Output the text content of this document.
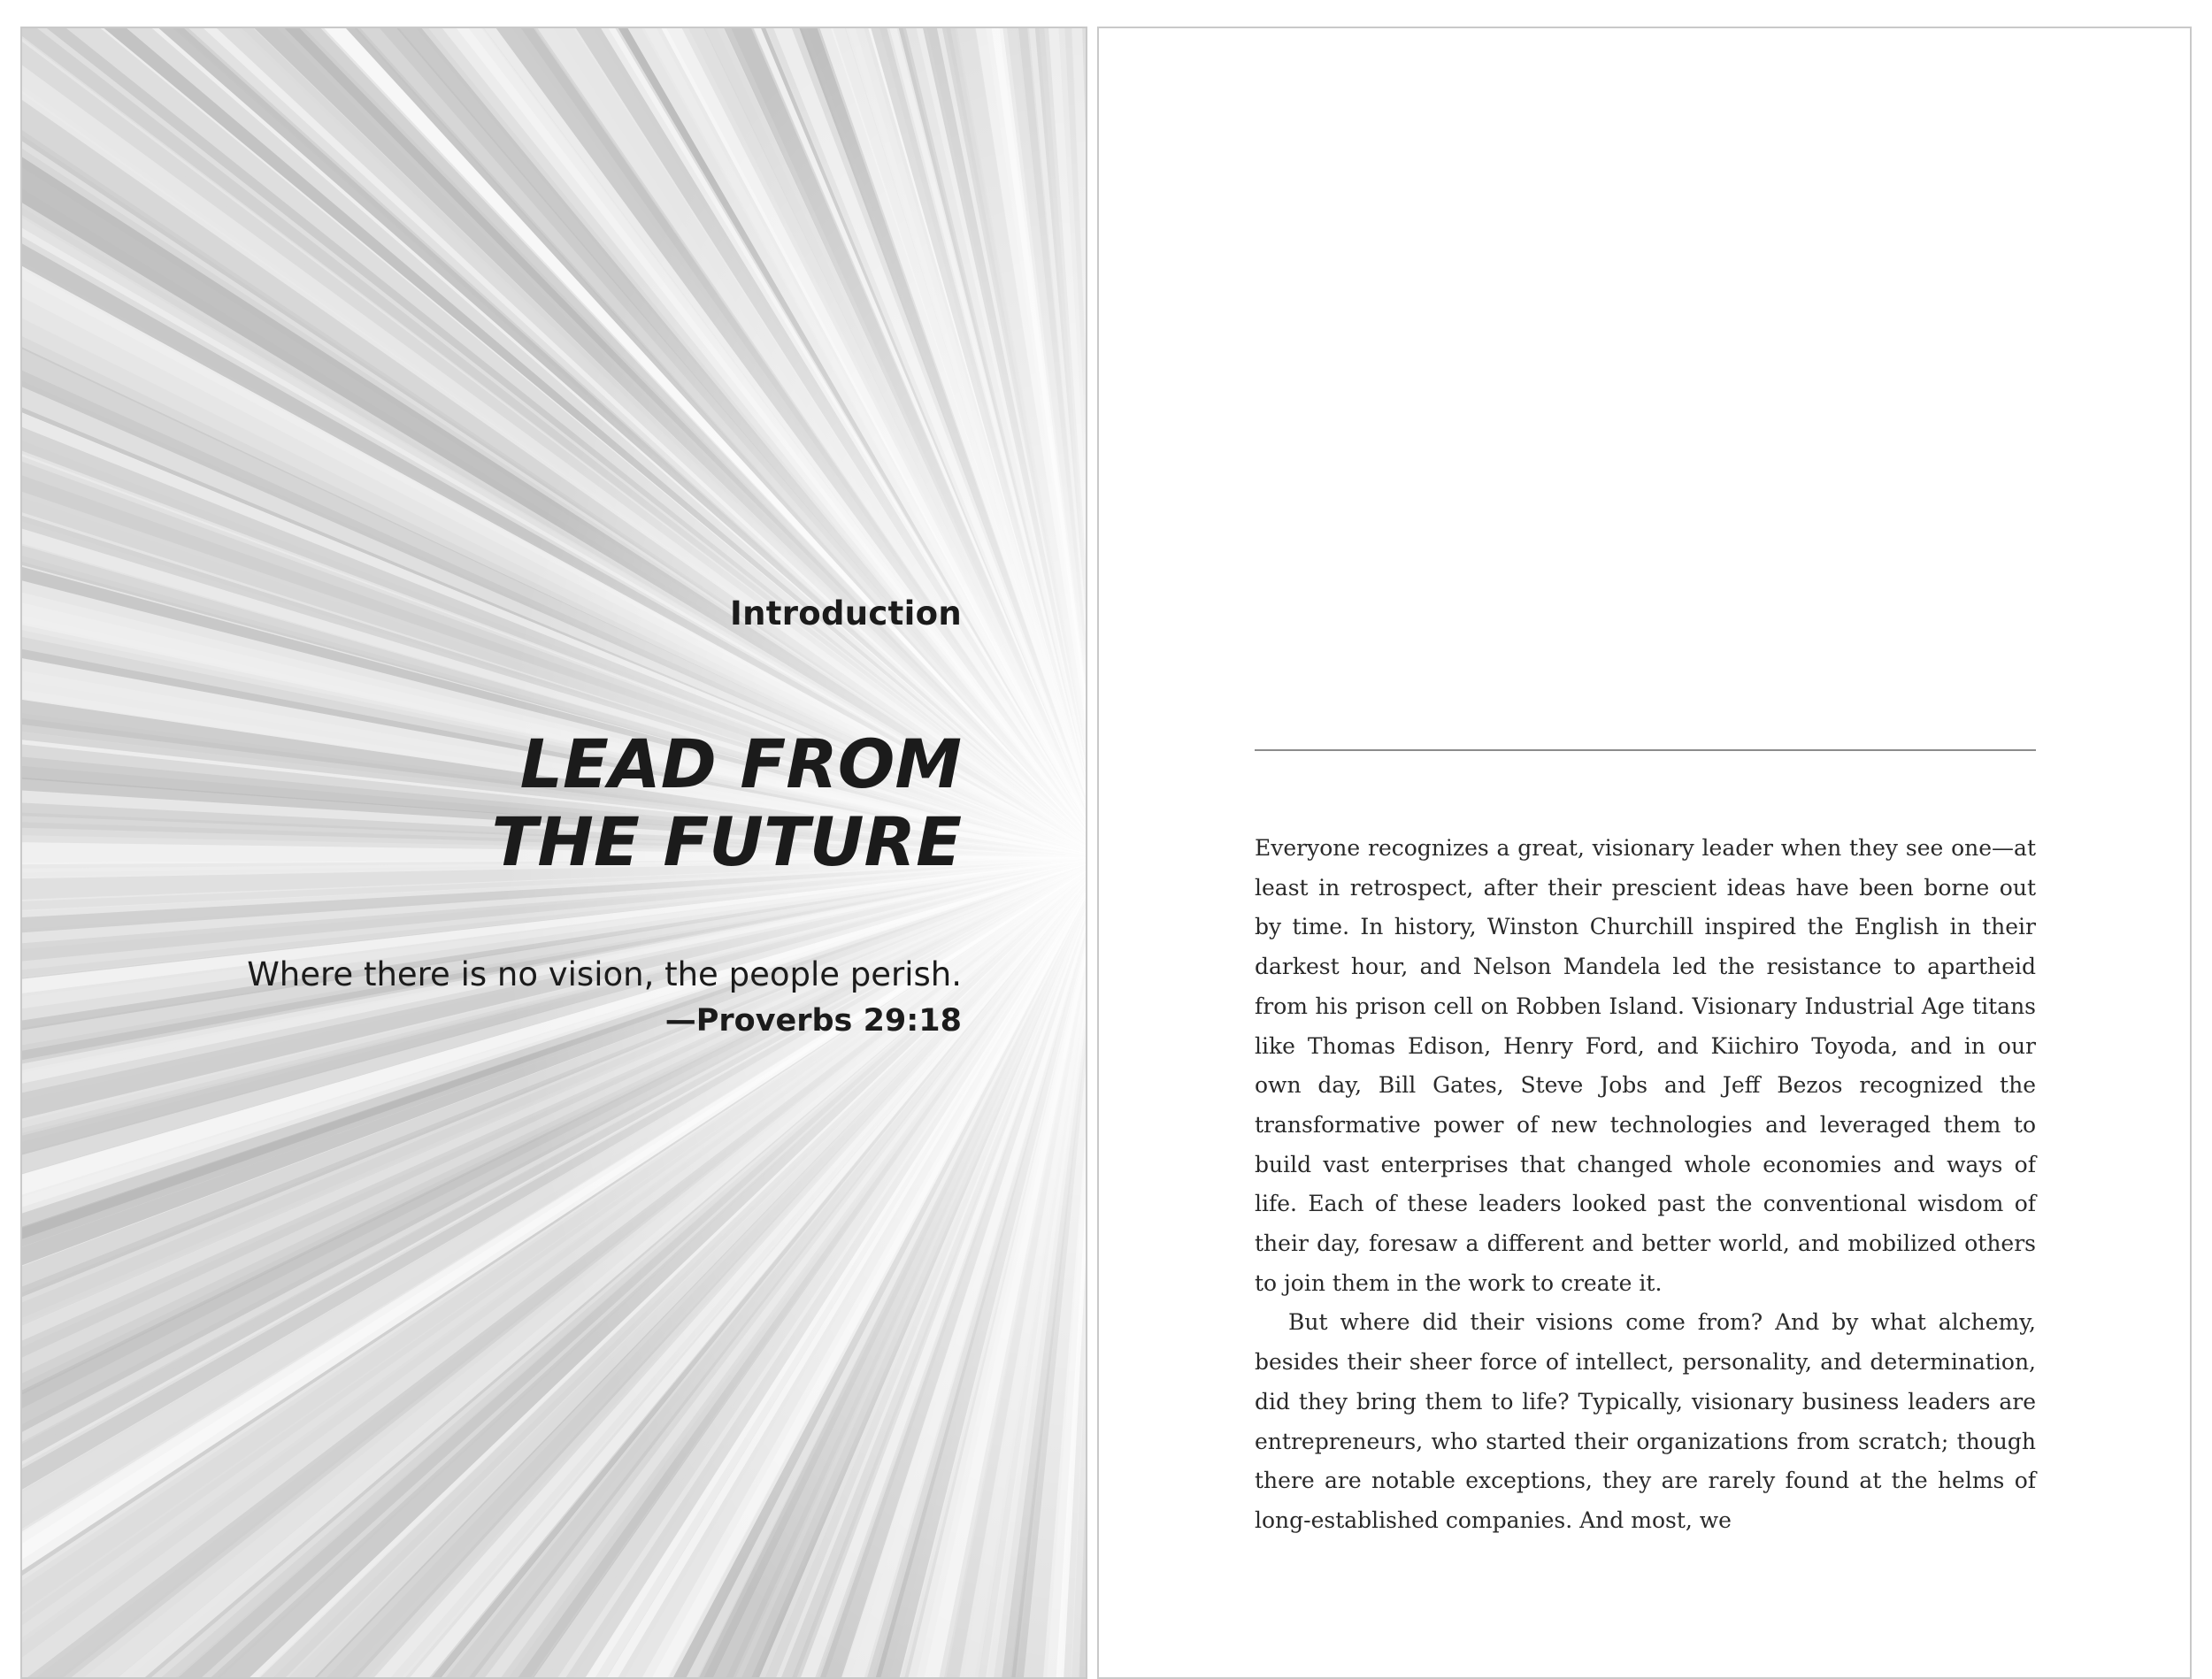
Introduction
LEAD FROM
THE FUTURE
Where there is no vision, the people perish.
—Proverbs 29:18

Everyone recognizes a great, visionary leader when they see one—at least in retrospect, after their prescient ideas have been borne out by time. In history, Winston Churchill inspired the English in their darkest hour, and Nelson Mandela led the resistance to apartheid from his prison cell on Robben Island. Visionary Industrial Age titans like Thomas Edison, Henry Ford, and Kiichiro Toyoda, and in our own day, Bill Gates, Steve Jobs and Jeff Bezos recognized the transformative power of new technologies and leveraged them to build vast enterprises that changed whole economies and ways of life. Each of these leaders looked past the conventional wisdom of their day, foresaw a different and better world, and mobilized others to join them in the work to create it.

But where did their visions come from? And by what alchemy, besides their sheer force of intellect, personality, and determination, did they bring them to life? Typically, visionary business leaders are entrepreneurs, who started their organizations from scratch; though there are notable exceptions, they are rarely found at the helms of long-established companies. And most, we
